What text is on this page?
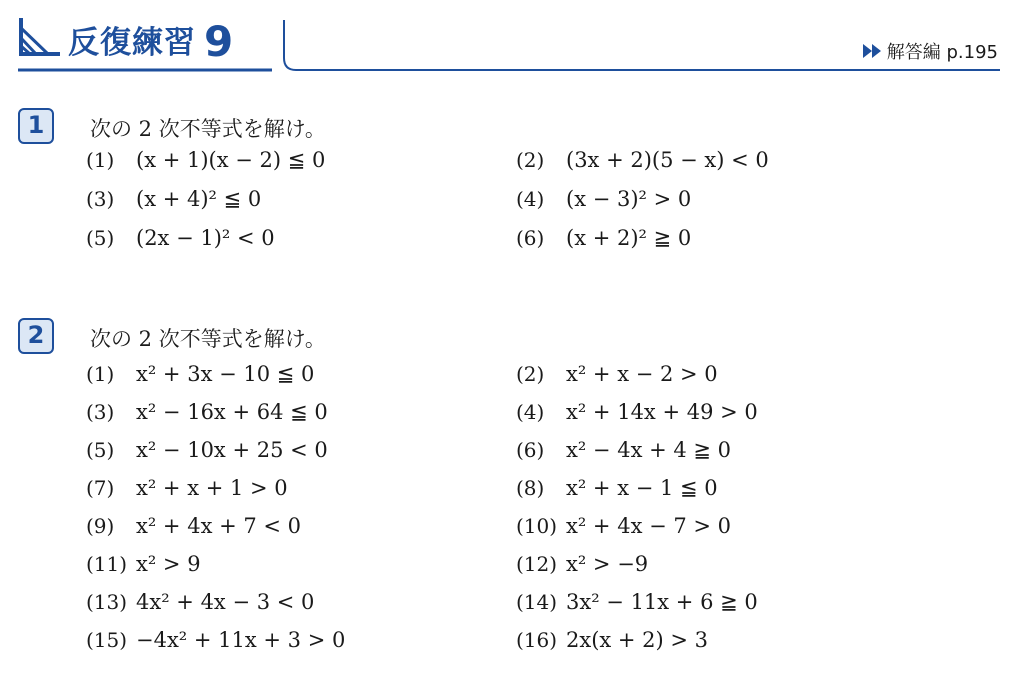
反復練習 9	解答編 p.195
1	次の 2 次不等式を解け。
(1)	(x + 1)(x − 2) ≦ 0	(2)	(3x + 2)(5 − x) < 0
(3)	(x + 4)² ≦ 0	(4)	(x − 3)² > 0
(5)	(2x − 1)² < 0	(6)	(x + 2)² ≧ 0
2	次の 2 次不等式を解け。
(1)	x² + 3x − 10 ≦ 0	(2)	x² + x − 2 > 0
(3)	x² − 16x + 64 ≦ 0	(4)	x² + 14x + 49 > 0
(5)	x² − 10x + 25 < 0	(6)	x² − 4x + 4 ≧ 0
(7)	x² + x + 1 > 0	(8)	x² + x − 1 ≦ 0
(9)	x² + 4x + 7 < 0	(10) x² + 4x − 7 > 0
(11) x² > 9	(12) x² > −9
(13) 4x² + 4x − 3 < 0	(14) 3x² − 11x + 6 ≧ 0
(15) −4x² + 11x + 3 > 0	(16) 2x(x + 2) > 3
